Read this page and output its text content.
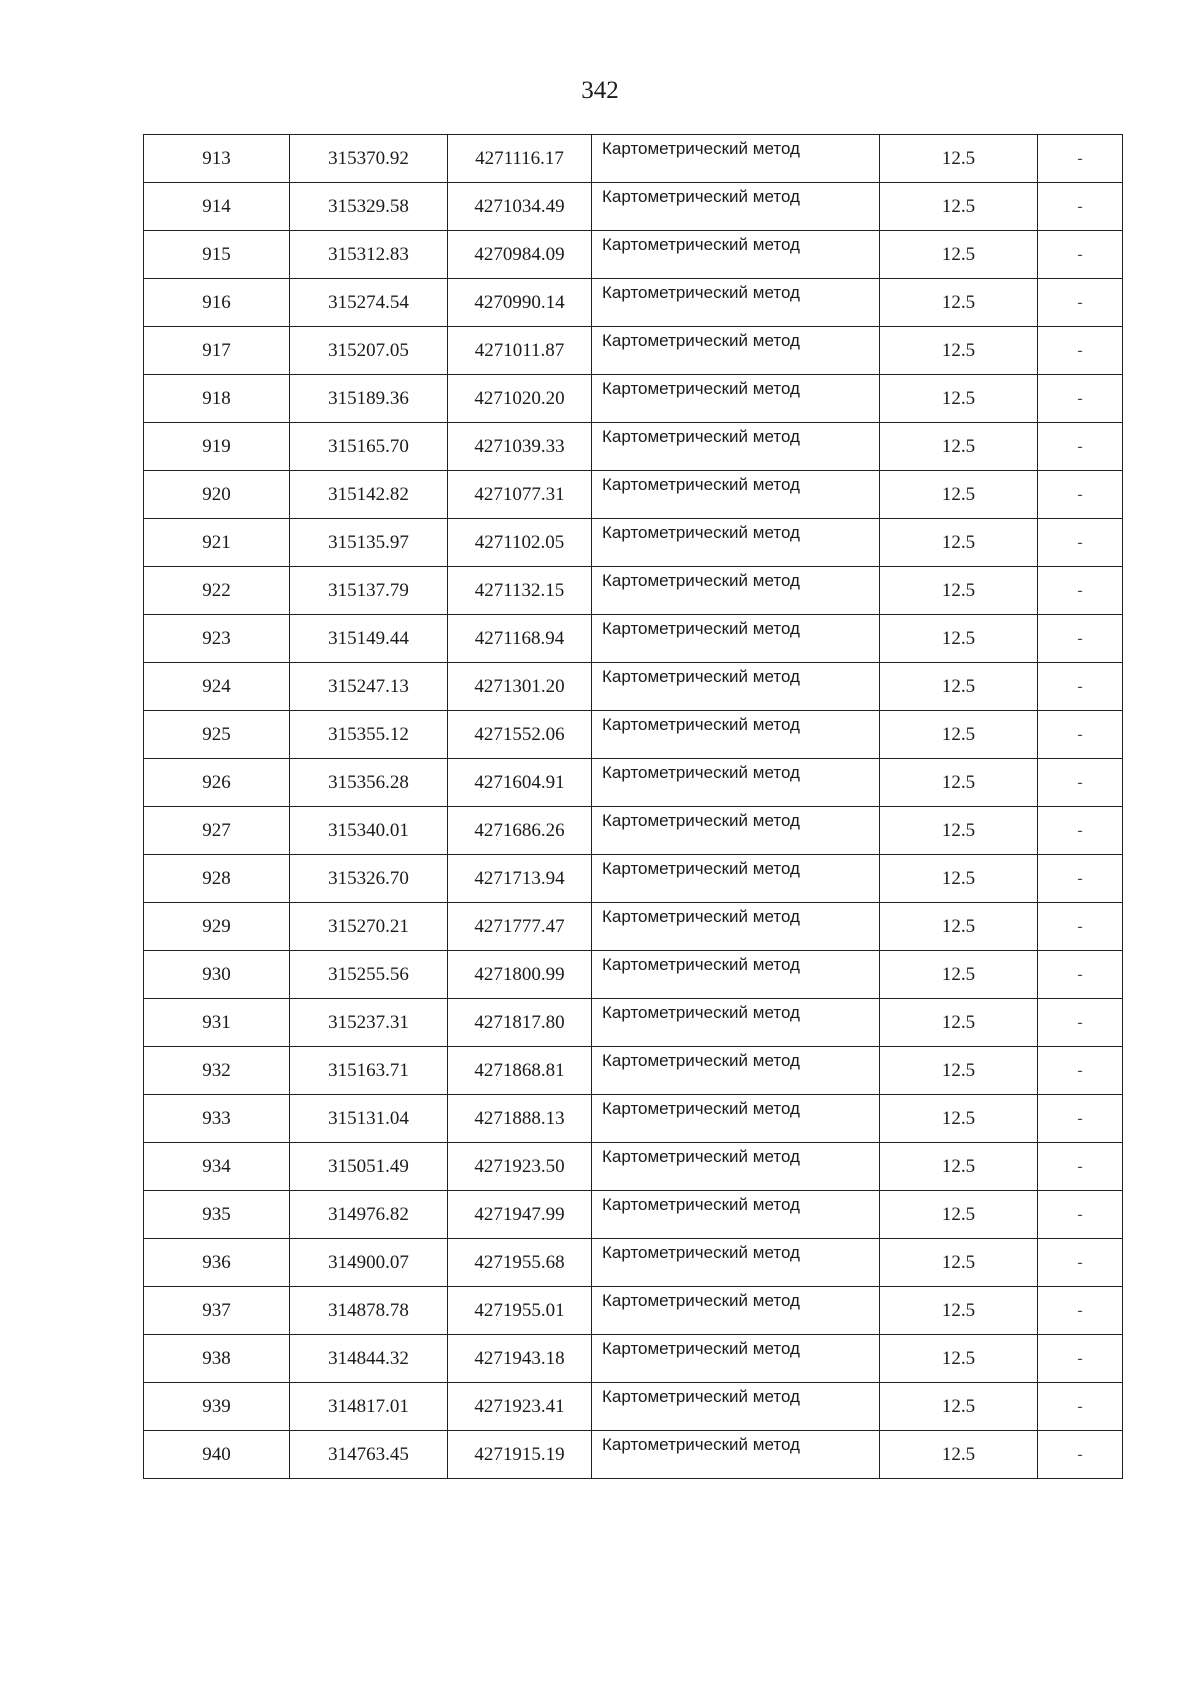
342
913	315370.92	4271116.17	Картометрический метод	12.5	-
914	315329.58	4271034.49	Картометрический метод	12.5	-
915	315312.83	4270984.09	Картометрический метод	12.5	-
916	315274.54	4270990.14	Картометрический метод	12.5	-
917	315207.05	4271011.87	Картометрический метод	12.5	-
918	315189.36	4271020.20	Картометрический метод	12.5	-
919	315165.70	4271039.33	Картометрический метод	12.5	-
920	315142.82	4271077.31	Картометрический метод	12.5	-
921	315135.97	4271102.05	Картометрический метод	12.5	-
922	315137.79	4271132.15	Картометрический метод	12.5	-
923	315149.44	4271168.94	Картометрический метод	12.5	-
924	315247.13	4271301.20	Картометрический метод	12.5	-
925	315355.12	4271552.06	Картометрический метод	12.5	-
926	315356.28	4271604.91	Картометрический метод	12.5	-
927	315340.01	4271686.26	Картометрический метод	12.5	-
928	315326.70	4271713.94	Картометрический метод	12.5	-
929	315270.21	4271777.47	Картометрический метод	12.5	-
930	315255.56	4271800.99	Картометрический метод	12.5	-
931	315237.31	4271817.80	Картометрический метод	12.5	-
932	315163.71	4271868.81	Картометрический метод	12.5	-
933	315131.04	4271888.13	Картометрический метод	12.5	-
934	315051.49	4271923.50	Картометрический метод	12.5	-
935	314976.82	4271947.99	Картометрический метод	12.5	-
936	314900.07	4271955.68	Картометрический метод	12.5	-
937	314878.78	4271955.01	Картометрический метод	12.5	-
938	314844.32	4271943.18	Картометрический метод	12.5	-
939	314817.01	4271923.41	Картометрический метод	12.5	-
940	314763.45	4271915.19	Картометрический метод	12.5	-
